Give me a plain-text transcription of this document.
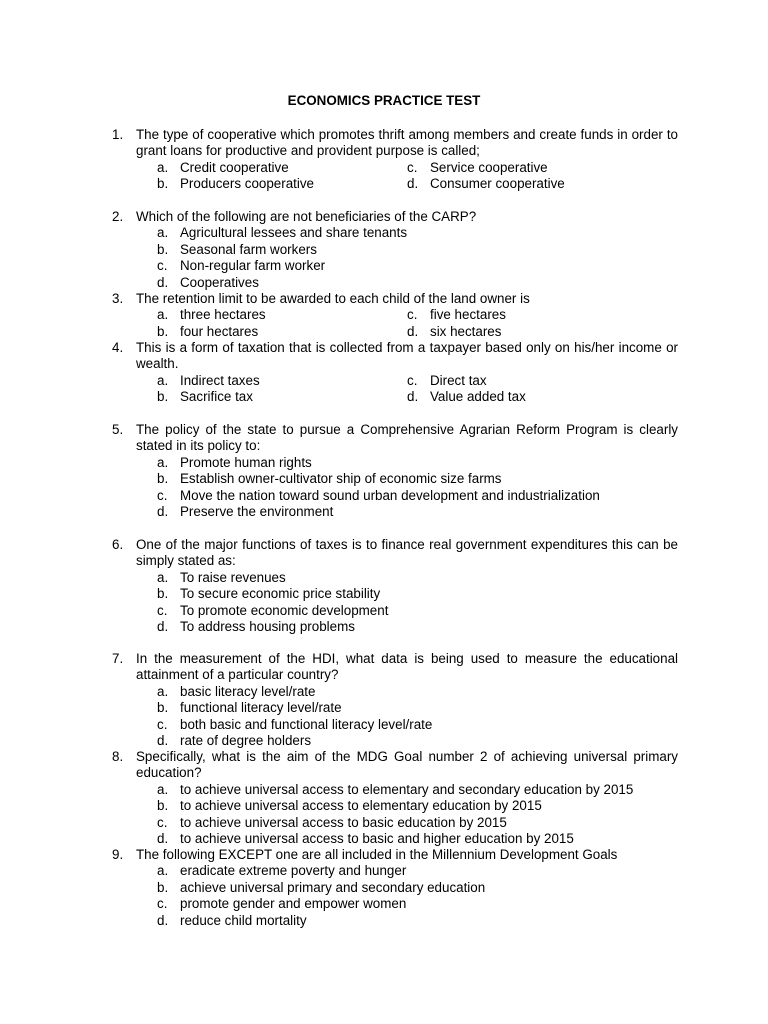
ECONOMICS PRACTICE TEST
1. The type of cooperative which promotes thrift among members and create funds in order to grant loans for productive and provident purpose is called;
a. Credit cooperative	c. Service cooperative
b. Producers cooperative	d. Consumer cooperative
2. Which of the following are not beneficiaries of the CARP?
a. Agricultural lessees and share tenants
b. Seasonal farm workers
c. Non-regular farm worker
d. Cooperatives
3. The retention limit to be awarded to each child of the land owner is
a. three hectares	c. five hectares
b. four hectares	d. six hectares
4. This is a form of taxation that is collected from a taxpayer based only on his/her income or wealth.
a. Indirect taxes	c. Direct tax
b. Sacrifice tax	d. Value added tax
5. The policy of the state to pursue a Comprehensive Agrarian Reform Program is clearly stated in its policy to:
a. Promote human rights
b. Establish owner-cultivator ship of economic size farms
c. Move the nation toward sound urban development and industrialization
d. Preserve the environment
6. One of the major functions of taxes is to finance real government expenditures this can be simply stated as:
a. To raise revenues
b. To secure economic price stability
c. To promote economic development
d. To address housing problems
7. In the measurement of the HDI, what data is being used to measure the educational attainment of a particular country?
a. basic literacy level/rate
b. functional literacy level/rate
c. both basic and functional literacy level/rate
d. rate of degree holders
8. Specifically, what is the aim of the MDG Goal number 2 of achieving universal primary education?
a. to achieve universal access to elementary and secondary education by 2015
b. to achieve universal access to elementary education by 2015
c. to achieve universal access to basic education by 2015
d. to achieve universal access to basic and higher education by 2015
9. The following EXCEPT one are all included in the Millennium Development Goals
a. eradicate extreme poverty and hunger
b. achieve universal primary and secondary education
c. promote gender and empower women
d. reduce child mortality
